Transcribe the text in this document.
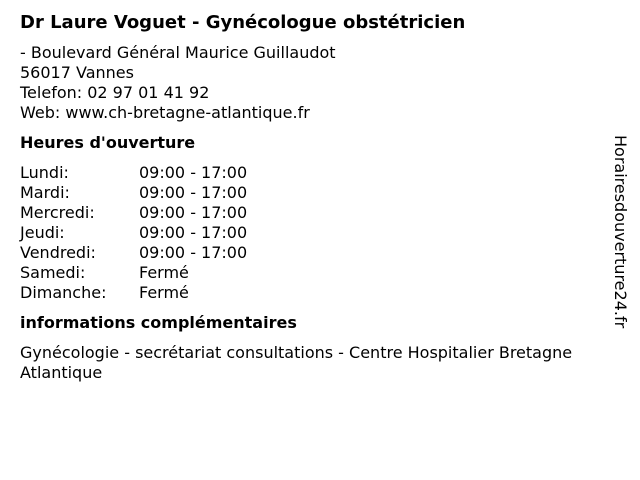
Dr Laure Voguet - Gynécologue obstétricien
- Boulevard Général Maurice Guillaudot
56017 Vannes
Telefon: 02 97 01 41 92
Web: www.ch-bretagne-atlantique.fr
Heures d'ouverture
Lundi:	09:00 - 17:00
Mardi:	09:00 - 17:00
Mercredi:	09:00 - 17:00
Jeudi:	09:00 - 17:00
Vendredi:	09:00 - 17:00
Samedi:	Fermé
Dimanche:	Fermé
informations complémentaires
Gynécologie - secrétariat consultations - Centre Hospitalier Bretagne Atlantique
Horairesdouverture24.fr
